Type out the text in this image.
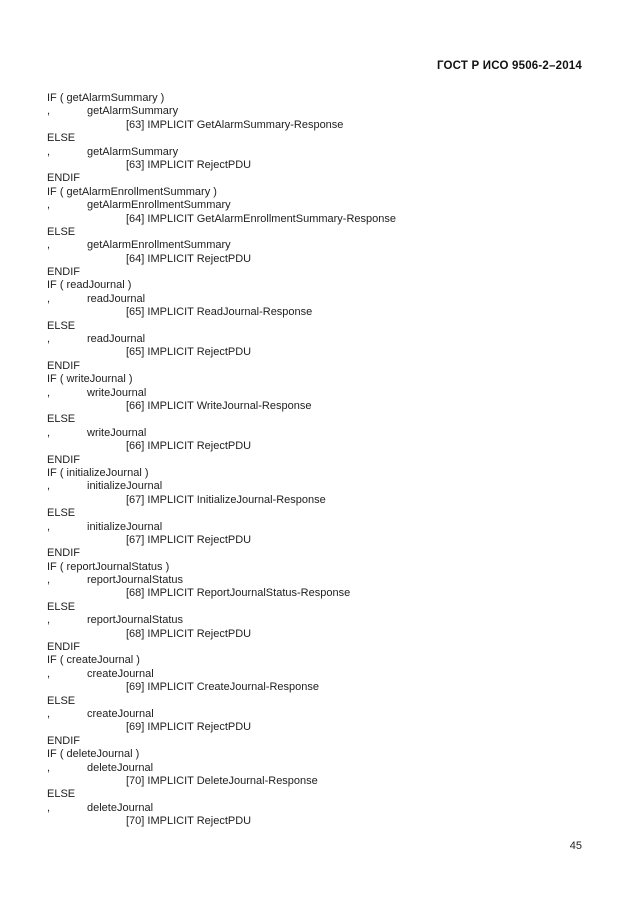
ГОСТ Р ИСО 9506-2–2014
IF ( getAlarmSummary )
,	getAlarmSummary
[63] IMPLICIT GetAlarmSummary-Response
ELSE
,	getAlarmSummary
[63] IMPLICIT RejectPDU
ENDIF
IF ( getAlarmEnrollmentSummary )
,	getAlarmEnrollmentSummary
[64] IMPLICIT GetAlarmEnrollmentSummary-Response
ELSE
,	getAlarmEnrollmentSummary
[64] IMPLICIT RejectPDU
ENDIF
IF ( readJournal )
,	readJournal
[65] IMPLICIT ReadJournal-Response
ELSE
,	readJournal
[65] IMPLICIT RejectPDU
ENDIF
IF ( writeJournal )
,	writeJournal
[66] IMPLICIT WriteJournal-Response
ELSE
,	writeJournal
[66] IMPLICIT RejectPDU
ENDIF
IF ( initializeJournal )
,	initializeJournal
[67] IMPLICIT InitializeJournal-Response
ELSE
,	initializeJournal
[67] IMPLICIT RejectPDU
ENDIF
IF ( reportJournalStatus )
,	reportJournalStatus
[68] IMPLICIT ReportJournalStatus-Response
ELSE
,	reportJournalStatus
[68] IMPLICIT RejectPDU
ENDIF
IF ( createJournal )
,	createJournal
[69] IMPLICIT CreateJournal-Response
ELSE
,	createJournal
[69] IMPLICIT RejectPDU
ENDIF
IF ( deleteJournal )
,	deleteJournal
[70] IMPLICIT DeleteJournal-Response
ELSE
,	deleteJournal
[70] IMPLICIT RejectPDU
45
